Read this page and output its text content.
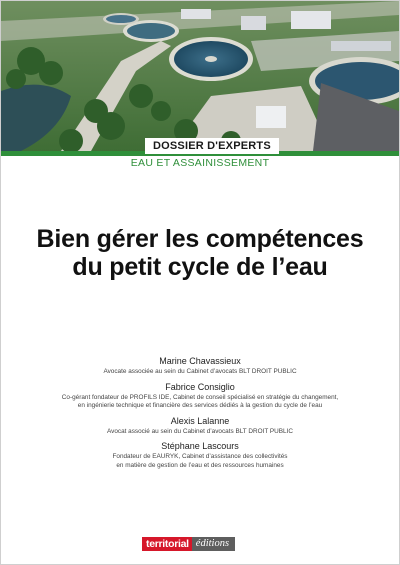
DOSSIER D'EXPERTS
EAU ET ASSAINISSEMENT
Bien gérer les compétences
du petit cycle de l’eau
Marine Chavassieux
Avocate associée au sein du Cabinet d’avocats BLT DROIT PUBLIC
Fabrice Consiglio
Co-gérant fondateur de PROFILS IDE, Cabinet de conseil spécialisé en stratégie du changement,
en ingénierie technique et financière des services dédiés à la gestion du cycle de l’eau
Alexis Lalanne
Avocat associé au sein du Cabinet d’avocats BLT DROIT PUBLIC
Stéphane Lascours
Fondateur de EAURYK, Cabinet d’assistance des collectivités
en matière de gestion de l’eau et des ressources humaines
territorial éditions
